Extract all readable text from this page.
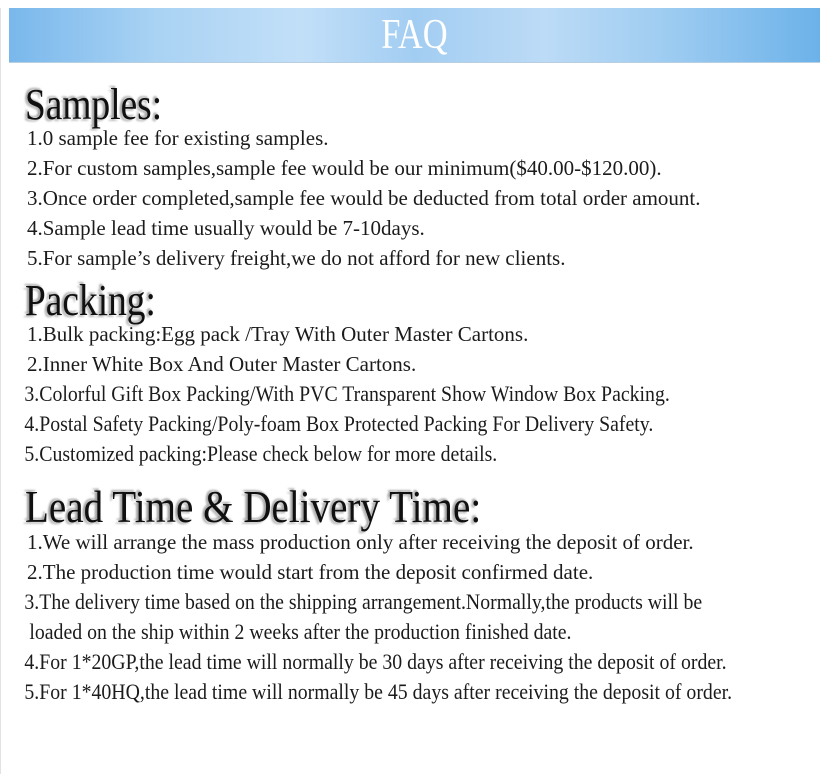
FAQ
Samples:
1.0 sample fee for existing samples.
2.For custom samples,sample fee would be our minimum($40.00-$120.00).
3.Once order completed,sample fee would be deducted from total order amount.
4.Sample lead time usually would be 7-10days.
5.For sample’s delivery freight,we do not afford for new clients.
Packing:
1.Bulk packing:Egg pack /Tray With Outer Master Cartons.
2.Inner White Box And Outer Master Cartons.
3.Colorful Gift Box Packing/With PVC Transparent Show Window Box Packing.
4.Postal Safety Packing/Poly-foam Box Protected Packing For Delivery Safety.
5.Customized packing:Please check below for more details.
Lead Time & Delivery Time:
1.We will arrange the mass production only after receiving the deposit of order.
2.The production time would start from the deposit confirmed date.
3.The delivery time based on the shipping arrangement.Normally,the products will be
loaded on the ship within 2 weeks after the production finished date.
4.For 1*20GP,the lead time will normally be 30 days after receiving the deposit of order.
5.For 1*40HQ,the lead time will normally be 45 days after receiving the deposit of order.
